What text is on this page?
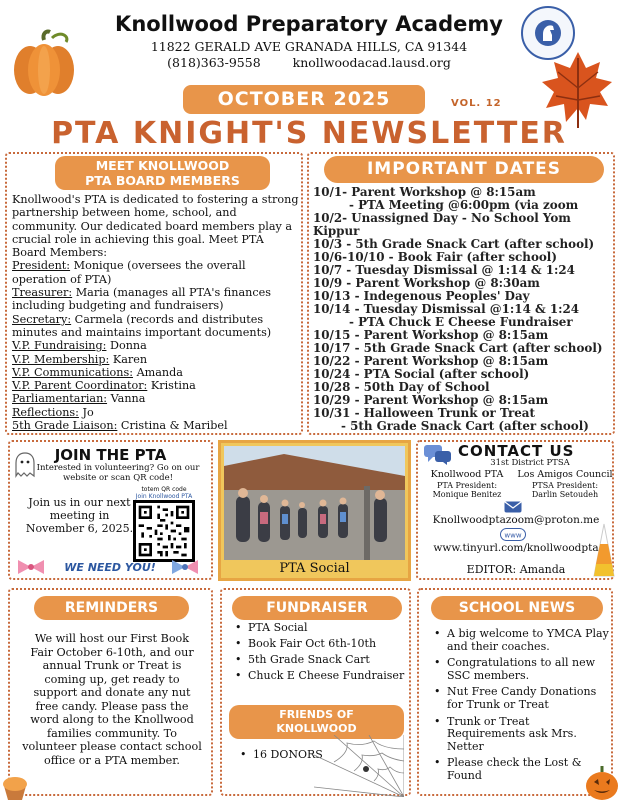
Knollwood Preparatory Academy
11822 GERALD AVE GRANADA HILLS, CA 91344
(818)363-9558	knollwoodacad.lausd.org
OCTOBER 2025	VOL. 12
PTA KNIGHT'S NEWSLETTER
MEET KNOLLWOOD
PTA BOARD MEMBERS
Knollwood's PTA is dedicated to fostering a strong partnership between home, school, and community. Our dedicated board members play a crucial role in achieving this goal. Meet PTA Board Members:
President: Monique (oversees the overall operation of PTA)
Treasurer: Maria (manages all PTA's finances including budgeting and fundraisers)
Secretary: Carmela (records and distributes minutes and maintains important documents)
V.P. Fundraising: Donna
V.P. Membership: Karen
V.P. Communications: Amanda
V.P. Parent Coordinator: Kristina
Parliamentarian: Vanna
Reflections: Jo
5th Grade Liaison: Cristina & Maribel
IMPORTANT DATES
10/1- Parent Workshop @ 8:15am
- PTA Meeting @6:00pm (via zoom
10/2- Unassigned Day - No School Yom Kippur
10/3 - 5th Grade Snack Cart (after school)
10/6-10/10 - Book Fair (after school)
10/7 - Tuesday Dismissal @ 1:14 & 1:24
10/9 - Parent Workshop @ 8:30am
10/13 - Indegenous Peoples' Day
10/14 - Tuesday Dismissal @1:14 & 1:24
- PTA Chuck E Cheese Fundraiser
10/15 - Parent Workshop @ 8:15am
10/17 - 5th Grade Snack Cart (after school)
10/22 - Parent Workshop @ 8:15am
10/24 - PTA Social (after school)
10/28 - 50th Day of School
10/29 - Parent Workshop @ 8:15am
10/31 - Halloween Trunk or Treat
- 5th Grade Snack Cart (after school)
JOIN THE PTA
Interested in volunteering? Go on our website or scan QR code!
Join us in our next meeting in November 6, 2025.
totem QR code
Join Knollwood PTA
WE NEED YOU!	PTA Social
CONTACT US
31st District PTSA
Knollwood PTA
PTA President:
Monique Benitez
Los Amigos Council
PTSA President:
Darlin Setoudeh
Knollwoodptazoom@proton.me
www
www.tinyurl.com/knollwoodpta
EDITOR: Amanda
REMINDERS
We will host our First Book Fair October 6-10th, and our annual Trunk or Treat is coming up, get ready to support and donate any nut free candy. Please pass the word along to the Knollwood families community. To volunteer please contact school office or a PTA member.
FUNDRAISER
• PTA Social
• Book Fair Oct 6th-10th
• 5th Grade Snack Cart
• Chuck E Cheese Fundraiser
FRIENDS OF
KNOLLWOOD
• 16 DONORS
SCHOOL NEWS
• A big welcome to YMCA Play and their coaches.
• Congratulations to all new SSC members.
• Nut Free Candy Donations for Trunk or Treat
• Trunk or Treat Requirements ask Mrs. Netter
• Please check the Lost & Found
